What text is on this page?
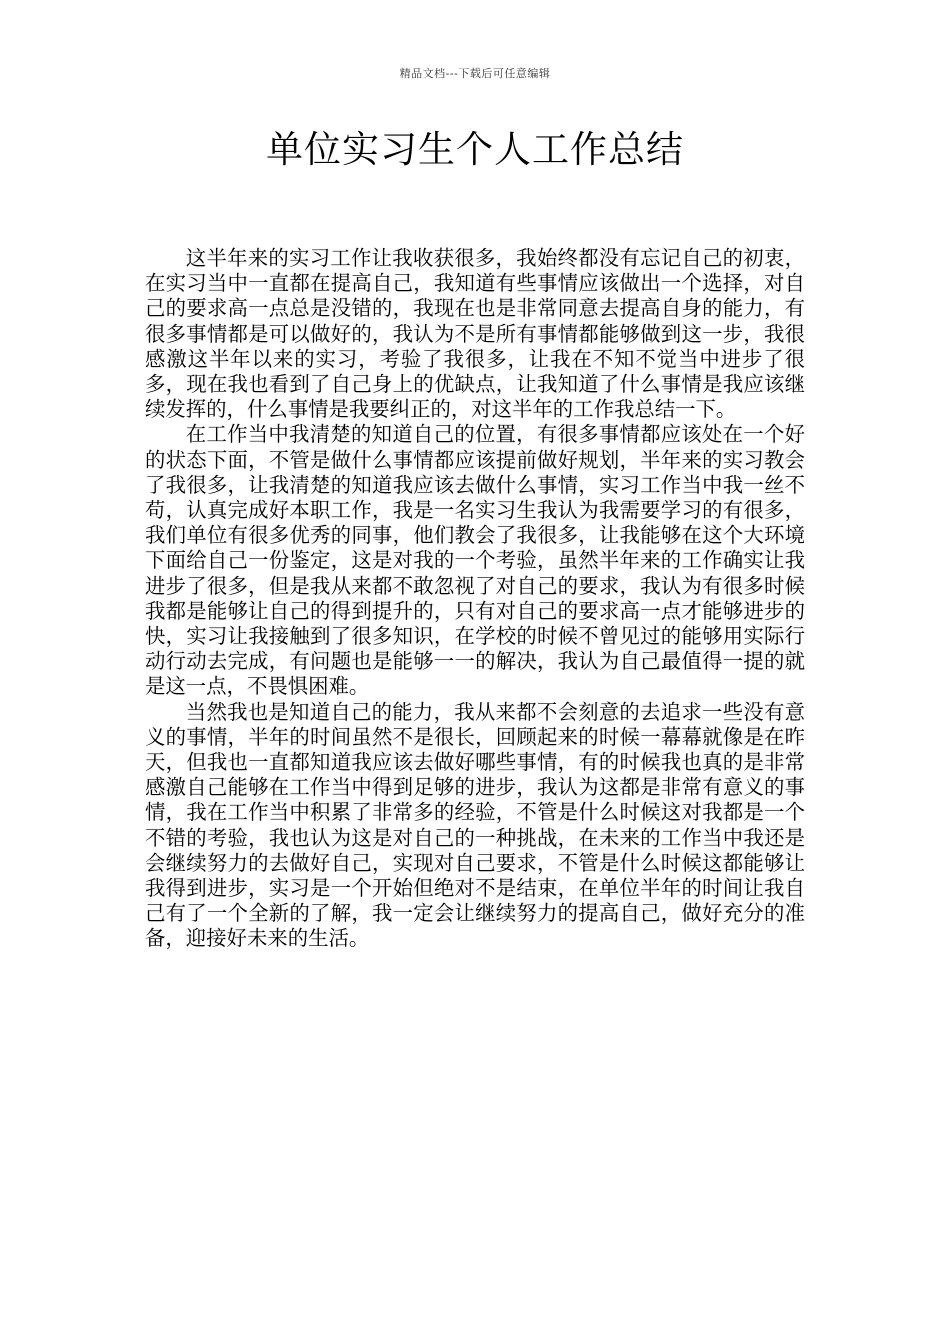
精品文档---下载后可任意编辑
单位实习生个人工作总结

这半年来的实习工作让我收获很多，我始终都没有忘记自己的初衷，在实习当中一直都在提高自己，我知道有些事情应该做出一个选择，对自己的要求高一点总是没错的，我现在也是非常同意去提高自身的能力，有很多事情都是可以做好的，我认为不是所有事情都能够做到这一步，我很感激这半年以来的实习，考验了我很多，让我在不知不觉当中进步了很多，现在我也看到了自己身上的优缺点，让我知道了什么事情是我应该继续发挥的，什么事情是我要纠正的，对这半年的工作我总结一下。

在工作当中我清楚的知道自己的位置，有很多事情都应该处在一个好的状态下面，不管是做什么事情都应该提前做好规划，半年来的实习教会了我很多，让我清楚的知道我应该去做什么事情，实习工作当中我一丝不苟，认真完成好本职工作，我是一名实习生我认为我需要学习的有很多，我们单位有很多优秀的同事，他们教会了我很多，让我能够在这个大环境下面给自己一份鉴定，这是对我的一个考验，虽然半年来的工作确实让我进步了很多，但是我从来都不敢忽视了对自己的要求，我认为有很多时候我都是能够让自己的得到提升的，只有对自己的要求高一点才能够进步的快，实习让我接触到了很多知识，在学校的时候不曾见过的能够用实际行动行动去完成，有问题也是能够一一的解决，我认为自己最值得一提的就是这一点，不畏惧困难。

当然我也是知道自己的能力，我从来都不会刻意的去追求一些没有意义的事情，半年的时间虽然不是很长，回顾起来的时候一幕幕就像是在昨天，但我也一直都知道我应该去做好哪些事情，有的时候我也真的是非常感激自己能够在工作当中得到足够的进步，我认为这都是非常有意义的事情，我在工作当中积累了非常多的经验，不管是什么时候这对我都是一个不错的考验，我也认为这是对自己的一种挑战，在未来的工作当中我还是会继续努力的去做好自己，实现对自己要求，不管是什么时候这都能够让我得到进步，实习是一个开始但绝对不是结束，在单位半年的时间让我自己有了一个全新的了解，我一定会让继续努力的提高自己，做好充分的准备，迎接好未来的生活。
